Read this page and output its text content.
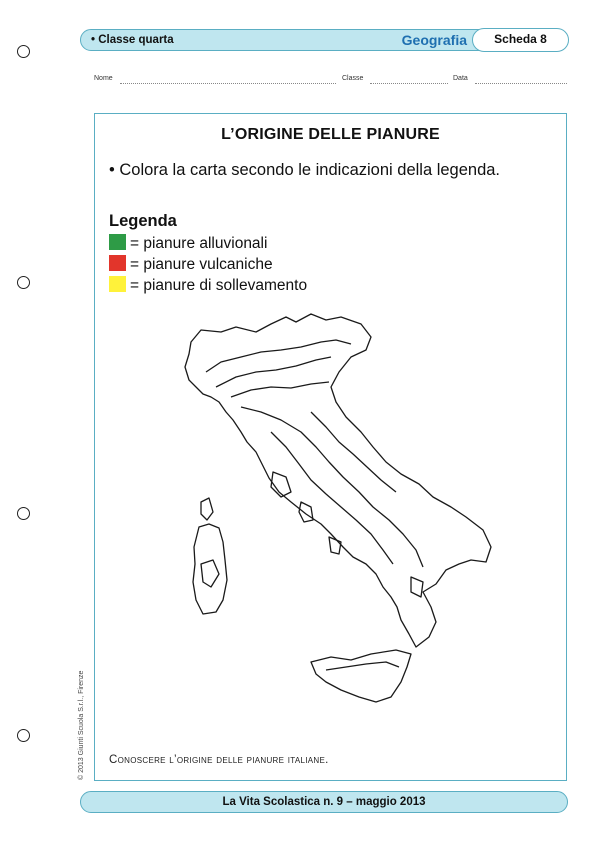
• Classe quarta	Geografia	Scheda 8
Nome	Classe	Data
L’ORIGINE DELLE PIANURE
• Colora la carta secondo le indicazioni della legenda.
Legenda
= pianure alluvionali
= pianure vulcaniche
= pianure di sollevamento
Conoscere l’origine delle pianure italiane.
© 2013 Giunti Scuola S.r.l., Firenze
La Vita Scolastica n. 9 – maggio 2013
